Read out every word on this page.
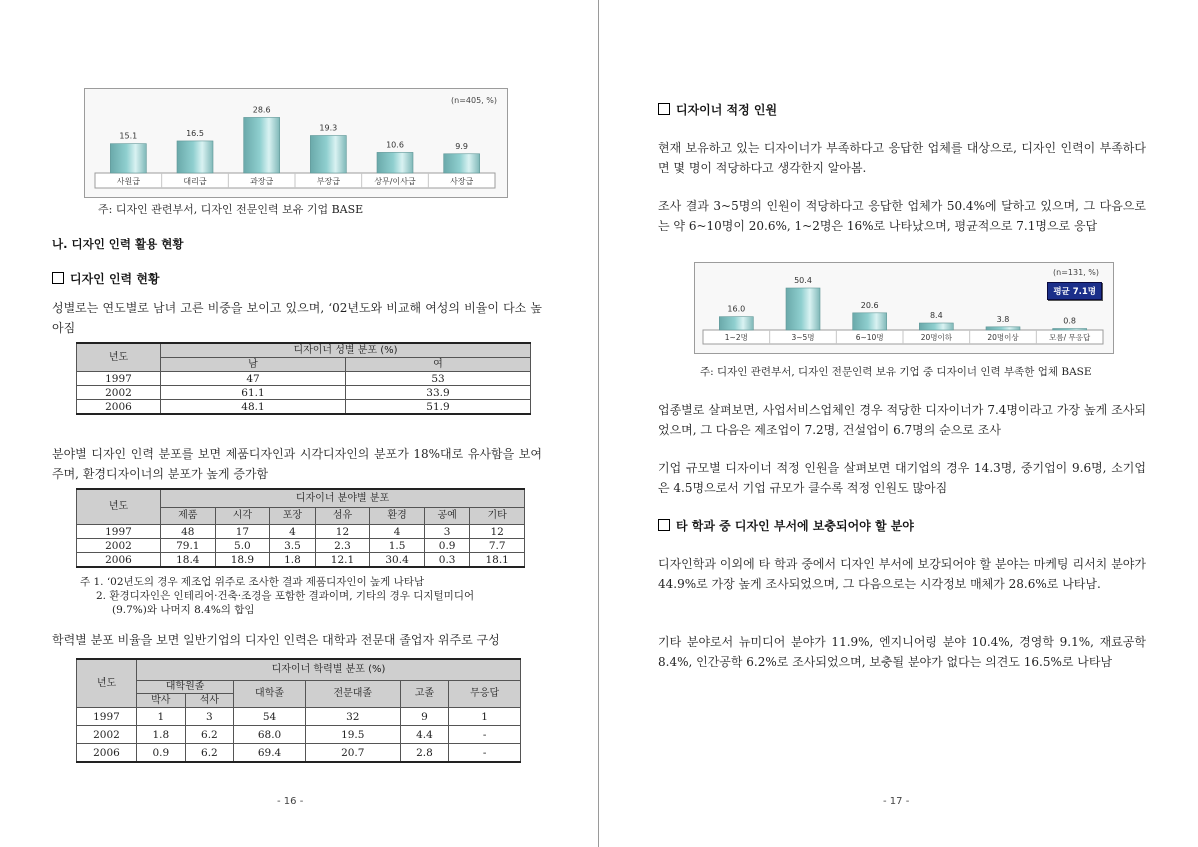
15.1
사원급
16.5
대리급
28.6
과장급
19.3
부장급
10.6
상무/이사급
9.9
사장급
(n=405, %)
주: 디자인 관련부서, 디자인 전문인력 보유 기업 BASE
나. 디자인 인력 활용 현황
디자인 인력 현황
성별로는 연도별로 남녀 고른 비중을 보이고 있으며, ‘02년도와 비교해 여성의 비율이 다소 높아짐
년도	디자이너 성별 분포 (%)	
	남	여
1997	47	53
2002	61.1	33.9
2006	48.1	51.9
분야별 디자인 인력 분포를 보면 제품디자인과 시각디자인의 분포가 18%대로 유사함을 보여주며, 환경디자이너의 분포가 높게 증가함
년도	디자이너 분야별 분포						
	제품	시각	포장	섬유	환경	공예	기타
1997	48	17	4	12	4	3	12
2002	79.1	5.0	3.5	2.3	1.5	0.9	7.7
2006	18.4	18.9	1.8	12.1	30.4	0.3	18.1
주 1. ‘02년도의 경우 제조업 위주로 조사한 결과 제품디자인이 높게 나타남
2. 환경디자인은 인테리어·건축·조경을 포함한 결과이며, 기타의 경우 디지털미디어
(9.7%)와 나머지 8.4%의 합임
학력별 분포 비율을 보면 일반기업의 디자인 인력은 대학과 전문대 졸업자 위주로 구성
년도	디자이너 학력별 분포 (%)					
	대학원졸		대학졸	전문대졸	고졸	무응답
	박사	석사				
1997	1	3	54	32	9	1
2002	1.8	6.2	68.0	19.5	4.4	-
2006	0.9	6.2	69.4	20.7	2.8	-
- 16 -
디자이너 적정 인원
현재 보유하고 있는 디자이너가 부족하다고 응답한 업체를 대상으로, 디자인 인력이 부족하다면 몇 명이 적당하다고 생각한지 알아봄.
조사 결과 3~5명의 인원이 적당하다고 응답한 업체가 50.4%에 달하고 있으며, 그 다음으로는 약 6~10명이 20.6%, 1~2명은 16%로 나타났으며, 평균적으로 7.1명으로 응답
16.0
1~2명
50.4
3~5명
20.6
6~10명
8.4
20명이하
3.8
20명이상
0.8
모름/ 무응답
(n=131, %)
평균 7.1명
주: 디자인 관련부서, 디자인 전문인력 보유 기업 중 디자이너 인력 부족한 업체 BASE
업종별로 살펴보면, 사업서비스업체인 경우 적당한 디자이너가 7.4명이라고 가장 높게 조사되었으며, 그 다음은 제조업이 7.2명, 건설업이 6.7명의 순으로 조사
기업 규모별 디자이너 적정 인원을 살펴보면 대기업의 경우 14.3명, 중기업이 9.6명, 소기업은 4.5명으로서 기업 규모가 클수록 적정 인원도 많아짐
타 학과 중 디자인 부서에 보충되어야 할 분야
디자인학과 이외에 타 학과 중에서 디자인 부서에 보강되어야 할 분야는 마케팅 리서치 분야가 44.9%로 가장 높게 조사되었으며, 그 다음으로는 시각정보 매체가 28.6%로 나타남.
기타 분야로서 뉴미디어 분야가 11.9%, 엔지니어링 분야 10.4%, 경영학 9.1%, 재료공학 8.4%, 인간공학 6.2%로 조사되었으며, 보충될 분야가 없다는 의견도 16.5%로 나타남
- 17 -
